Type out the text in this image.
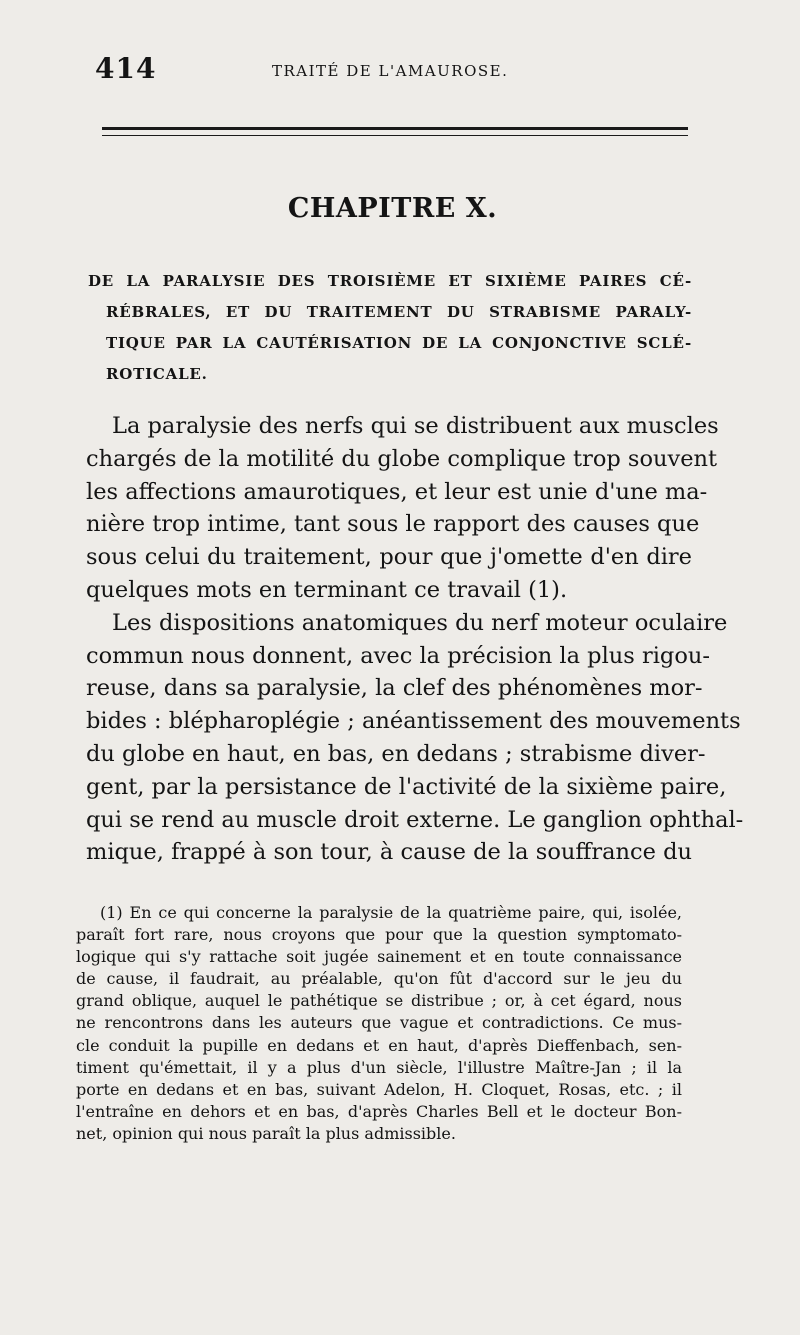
414	TRAITÉ DE L'AMAUROSE.
CHAPITRE X.
DE LA PARALYSIE DES TROISIÈME ET SIXIÈME PAIRES CÉ-
RÉBRALES, ET DU TRAITEMENT DU STRABISME PARALY-
TIQUE PAR LA CAUTÉRISATION DE LA CONJONCTIVE SCLÉ-
ROTICALE.
La paralysie des nerfs qui se distribuent aux muscles
chargés de la motilité du globe complique trop souvent
les affections amaurotiques, et leur est unie d'une ma-
nière trop intime, tant sous le rapport des causes que
sous celui du traitement, pour que j'omette d'en dire
quelques mots en terminant ce travail (1).
Les dispositions anatomiques du nerf moteur oculaire
commun nous donnent, avec la précision la plus rigou-
reuse, dans sa paralysie, la clef des phénomènes mor-
bides : blépharoplégie ; anéantissement des mouvements
du globe en haut, en bas, en dedans ; strabisme diver-
gent, par la persistance de l'activité de la sixième paire,
qui se rend au muscle droit externe. Le ganglion ophthal-
mique, frappé à son tour, à cause de la souffrance du
(1) En ce qui concerne la paralysie de la quatrième paire, qui, isolée,
paraît fort rare, nous croyons que pour que la question symptomato-
logique qui s'y rattache soit jugée sainement et en toute connaissance
de cause, il faudrait, au préalable, qu'on fût d'accord sur le jeu du
grand oblique, auquel le pathétique se distribue ; or, à cet égard, nous
ne rencontrons dans les auteurs que vague et contradictions. Ce mus-
cle conduit la pupille en dedans et en haut, d'après Dieffenbach, sen-
timent qu'émettait, il y a plus d'un siècle, l'illustre Maître-Jan ; il la
porte en dedans et en bas, suivant Adelon, H. Cloquet, Rosas, etc. ; il
l'entraîne en dehors et en bas, d'après Charles Bell et le docteur Bon-
net, opinion qui nous paraît la plus admissible.
